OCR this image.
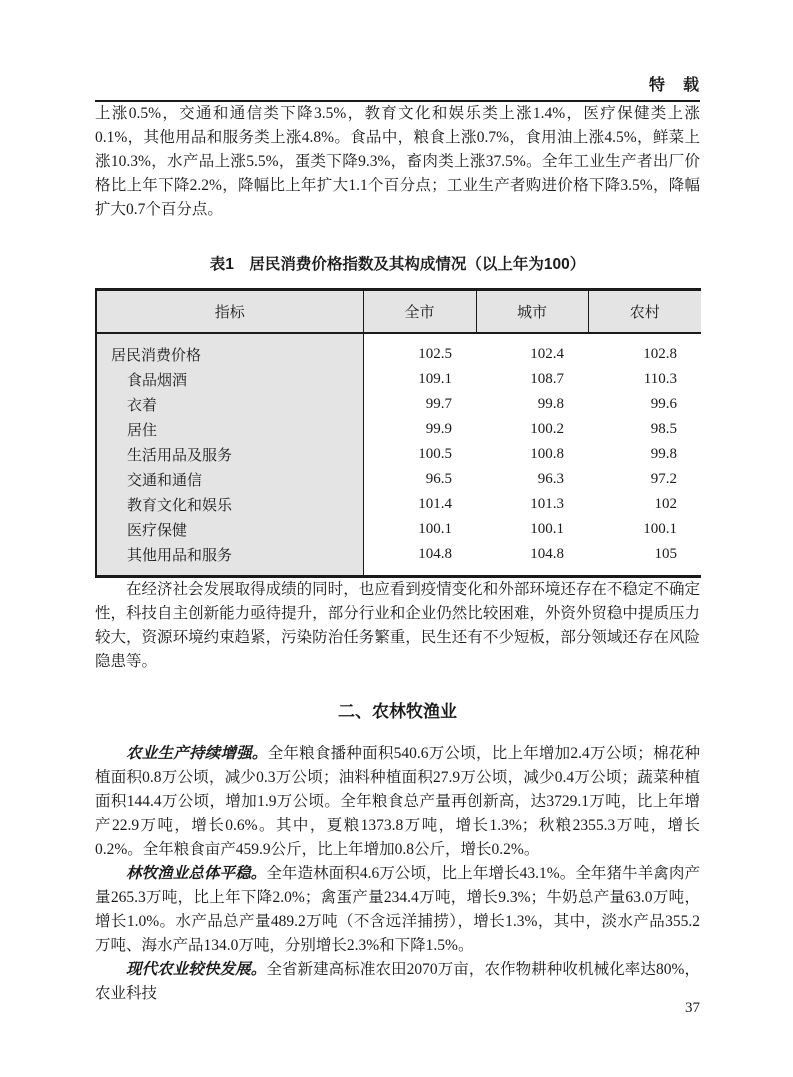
特　载

上涨0.5%，交通和通信类下降3.5%，教育文化和娱乐类上涨1.4%，医疗保健类上涨0.1%，其他用品和服务类上涨4.8%。食品中，粮食上涨0.7%，食用油上涨4.5%，鲜菜上涨10.3%，水产品上涨5.5%，蛋类下降9.3%，畜肉类上涨37.5%。全年工业生产者出厂价格比上年下降2.2%，降幅比上年扩大1.1个百分点；工业生产者购进价格下降3.5%，降幅扩大0.7个百分点。

表1　居民消费价格指数及其构成情况（以上年为100）
指标	全市	城市	农村
居民消费价格	102.5	102.4	102.8
食品烟酒	109.1	108.7	110.3
衣着	99.7	99.8	99.6
居住	99.9	100.2	98.5
生活用品及服务	100.5	100.8	99.8
交通和通信	96.5	96.3	97.2
教育文化和娱乐	101.4	101.3	102
医疗保健	100.1	100.1	100.1
其他用品和服务	104.8	104.8	105

在经济社会发展取得成绩的同时，也应看到疫情变化和外部环境还存在不稳定不确定性，科技自主创新能力亟待提升，部分行业和企业仍然比较困难，外资外贸稳中提质压力较大，资源环境约束趋紧，污染防治任务繁重，民生还有不少短板，部分领域还存在风险隐患等。

二、农林牧渔业

农业生产持续增强。全年粮食播种面积540.6万公顷，比上年增加2.4万公顷；棉花种植面积0.8万公顷，减少0.3万公顷；油料种植面积27.9万公顷，减少0.4万公顷；蔬菜种植面积144.4万公顷，增加1.9万公顷。全年粮食总产量再创新高，达3729.1万吨，比上年增产22.9万吨，增长0.6%。其中，夏粮1373.8万吨，增长1.3%；秋粮2355.3万吨，增长0.2%。全年粮食亩产459.9公斤，比上年增加0.8公斤，增长0.2%。

林牧渔业总体平稳。全年造林面积4.6万公顷，比上年增长43.1%。全年猪牛羊禽肉产量265.3万吨，比上年下降2.0%；禽蛋产量234.4万吨，增长9.3%；牛奶总产量63.0万吨，增长1.0%。水产品总产量489.2万吨（不含远洋捕捞），增长1.3%，其中，淡水产品355.2万吨、海水产品134.0万吨，分别增长2.3%和下降1.5%。

现代农业较快发展。全省新建高标准农田2070万亩，农作物耕种收机械化率达80%，农业科技

37
